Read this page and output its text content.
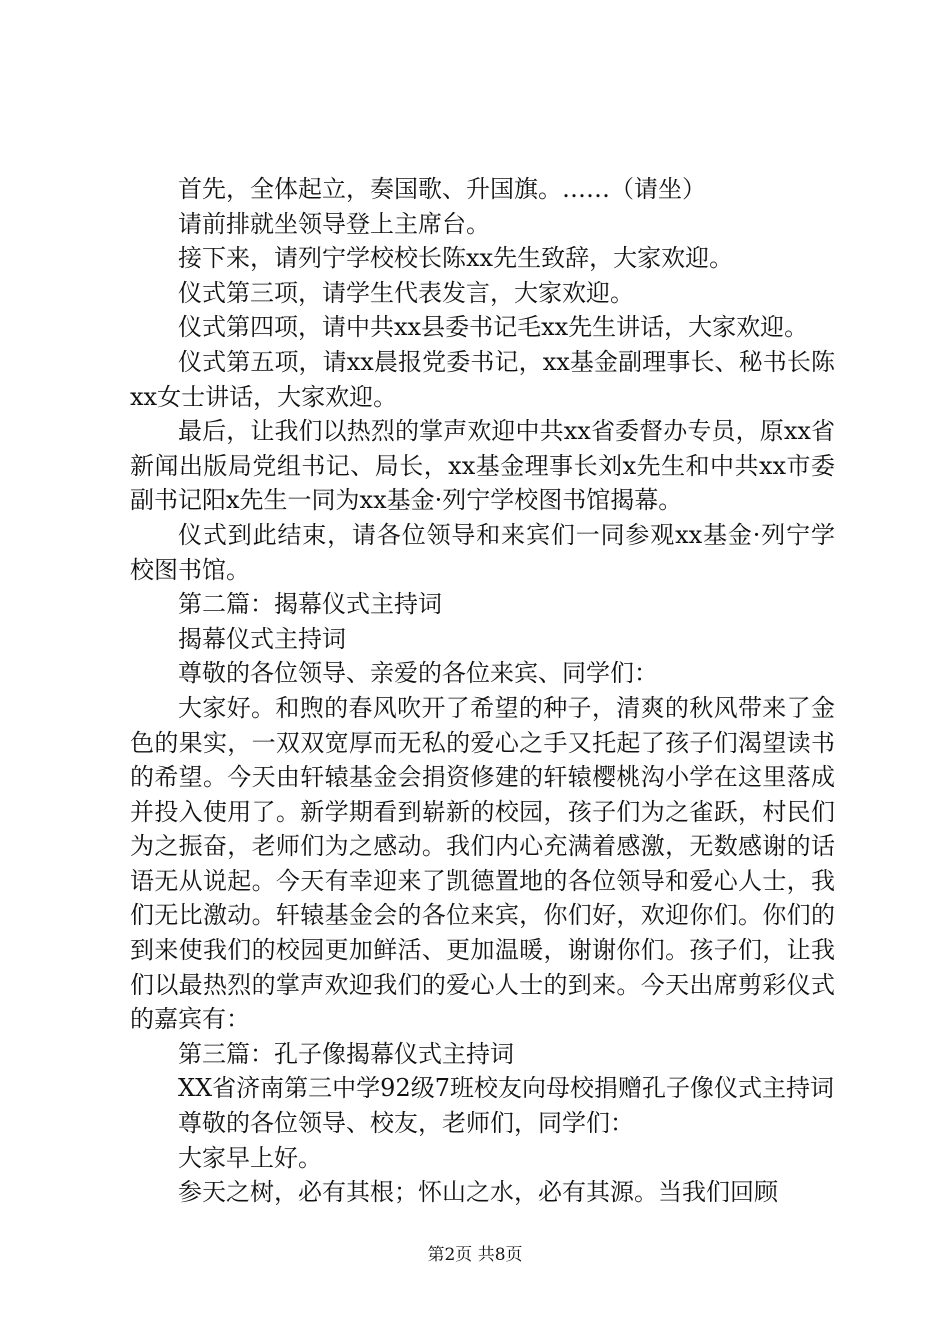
首先，全体起立，奏国歌、升国旗。……（请坐）

请前排就坐领导登上主席台。

接下来，请列宁学校校长陈xx先生致辞，大家欢迎。

仪式第三项，请学生代表发言，大家欢迎。

仪式第四项，请中共xx县委书记毛xx先生讲话，大家欢迎。

仪式第五项，请xx晨报党委书记，xx基金副理事长、秘书长陈xx女士讲话，大家欢迎。

最后，让我们以热烈的掌声欢迎中共xx省委督办专员，原xx省新闻出版局党组书记、局长，xx基金理事长刘x先生和中共xx市委副书记阳x先生一同为xx基金·列宁学校图书馆揭幕。

仪式到此结束，请各位领导和来宾们一同参观xx基金·列宁学校图书馆。

第二篇：揭幕仪式主持词

揭幕仪式主持词

尊敬的各位领导、亲爱的各位来宾、同学们：

大家好。和煦的春风吹开了希望的种子，清爽的秋风带来了金色的果实，一双双宽厚而无私的爱心之手又托起了孩子们渴望读书的希望。今天由轩辕基金会捐资修建的轩辕樱桃沟小学在这里落成并投入使用了。新学期看到崭新的校园，孩子们为之雀跃，村民们为之振奋，老师们为之感动。我们内心充满着感激，无数感谢的话语无从说起。今天有幸迎来了凯德置地的各位领导和爱心人士，我们无比激动。轩辕基金会的各位来宾，你们好，欢迎你们。你们的到来使我们的校园更加鲜活、更加温暖，谢谢你们。孩子们，让我们以最热烈的掌声欢迎我们的爱心人士的到来。今天出席剪彩仪式的嘉宾有：

第三篇：孔子像揭幕仪式主持词

XX省济南第三中学92级7班校友向母校捐赠孔子像仪式主持词

尊敬的各位领导、校友，老师们，同学们：

大家早上好。

参天之树，必有其根；怀山之水，必有其源。当我们回顾

第2页 共8页
